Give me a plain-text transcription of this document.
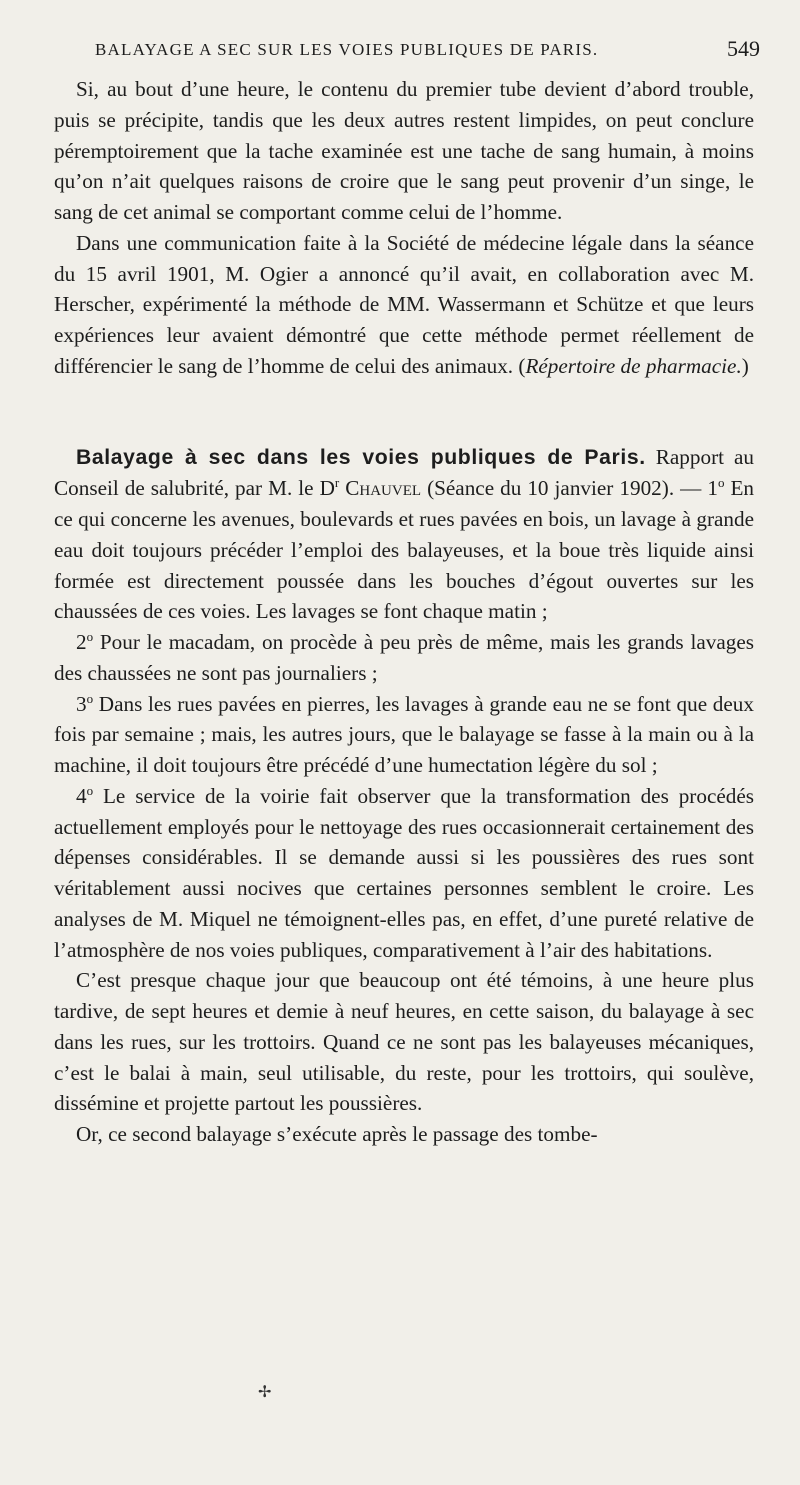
BALAYAGE A SEC SUR LES VOIES PUBLIQUES DE PARIS.	549

Si, au bout d’une heure, le contenu du premier tube devient d’abord trouble, puis se précipite, tandis que les deux autres restent limpides, on peut conclure péremptoirement que la tache examinée est une tache de sang humain, à moins qu’on n’ait quelques raisons de croire que le sang peut provenir d’un singe, le sang de cet animal se comportant comme celui de l’homme.

Dans une communication faite à la Société de médecine légale dans la séance du 15 avril 1901, M. Ogier a annoncé qu’il avait, en collaboration avec M. Herscher, expérimenté la méthode de MM. Wassermann et Schütze et que leurs expériences leur avaient démontré que cette méthode permet réellement de différencier le sang de l’homme de celui des animaux. (Répertoire de pharmacie.)

Balayage à sec dans les voies publiques de Paris. Rapport au Conseil de salubrité, par M. le $D^r$ Chauvel (Séance du 10 janvier 1902). — 1$^o$ En ce qui concerne les avenues, boulevards et rues pavées en bois, un lavage à grande eau doit toujours précéder l’emploi des balayeuses, et la boue très liquide ainsi formée est directement poussée dans les bouches d’égout ouvertes sur les chaussées de ces voies. Les lavages se font chaque matin ;

2$^o$ Pour le macadam, on procède à peu près de même, mais les grands lavages des chaussées ne sont pas journaliers ;

3$^o$ Dans les rues pavées en pierres, les lavages à grande eau ne se font que deux fois par semaine ; mais, les autres jours, que le balayage se fasse à la main ou à la machine, il doit toujours être précédé d’une humectation légère du sol ;

4$^o$ Le service de la voirie fait observer que la transformation des procédés actuellement employés pour le nettoyage des rues occasionnerait certainement des dépenses considérables. Il se demande aussi si les poussières des rues sont véritablement aussi nocives que certaines personnes semblent le croire. Les analyses de M. Miquel ne témoignent-elles pas, en effet, d’une pureté relative de l’atmosphère de nos voies publiques, comparativement à l’air des habitations.

C’est presque chaque jour que beaucoup ont été témoins, à une heure plus tardive, de sept heures et demie à neuf heures, en cette saison, du balayage à sec dans les rues, sur les trottoirs. Quand ce ne sont pas les balayeuses mécaniques, c’est le balai à main, seul utilisable, du reste, pour les trottoirs, qui soulève, dissémine et projette partout les poussières.

Or, ce second balayage s’exécute après le passage des tombe-

✢
